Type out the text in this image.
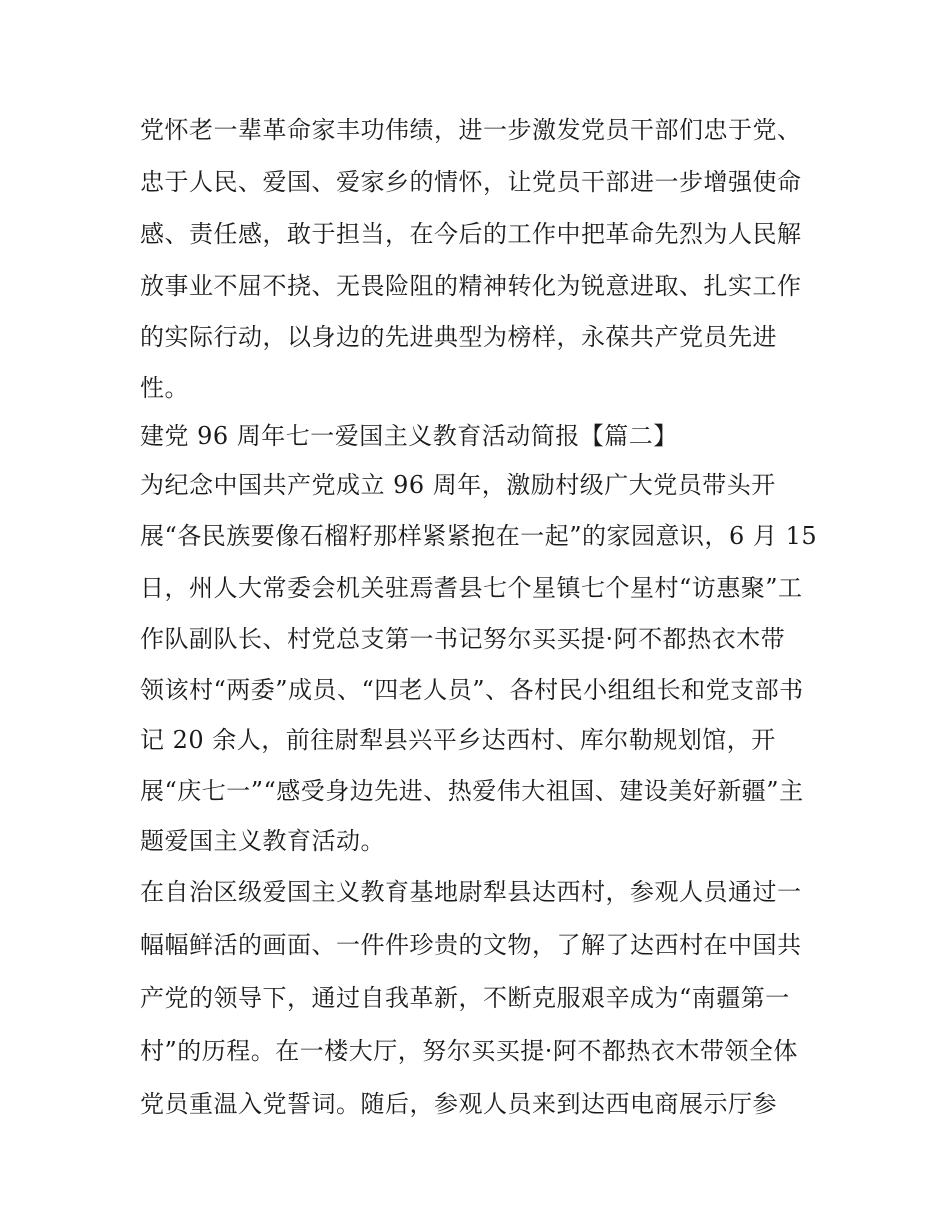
党怀老一辈革命家丰功伟绩，进一步激发党员干部们忠于党、
忠于人民、爱国、爱家乡的情怀，让党员干部进一步增强使命
感、责任感，敢于担当，在今后的工作中把革命先烈为人民解
放事业不屈不挠、无畏险阻的精神转化为锐意进取、扎实工作
的实际行动，以身边的先进典型为榜样，永葆共产党员先进
性。
建党 96 周年七一爱国主义教育活动简报【篇二】
为纪念中国共产党成立 96 周年，激励村级广大党员带头开
展“各民族要像石榴籽那样紧紧抱在一起”的家园意识，6 月 15
日，州人大常委会机关驻焉耆县七个星镇七个星村“访惠聚”工
作队副队长、村党总支第一书记努尔买买提·阿不都热衣木带
领该村“两委”成员、“四老人员”、各村民小组组长和党支部书
记 20 余人，前往尉犁县兴平乡达西村、库尔勒规划馆，开
展“庆七一”“感受身边先进、热爱伟大祖国、建设美好新疆”主
题爱国主义教育活动。
在自治区级爱国主义教育基地尉犁县达西村，参观人员通过一
幅幅鲜活的画面、一件件珍贵的文物，了解了达西村在中国共
产党的领导下，通过自我革新，不断克服艰辛成为“南疆第一
村”的历程。在一楼大厅，努尔买买提·阿不都热衣木带领全体
党员重温入党誓词。随后，参观人员来到达西电商展示厅参
